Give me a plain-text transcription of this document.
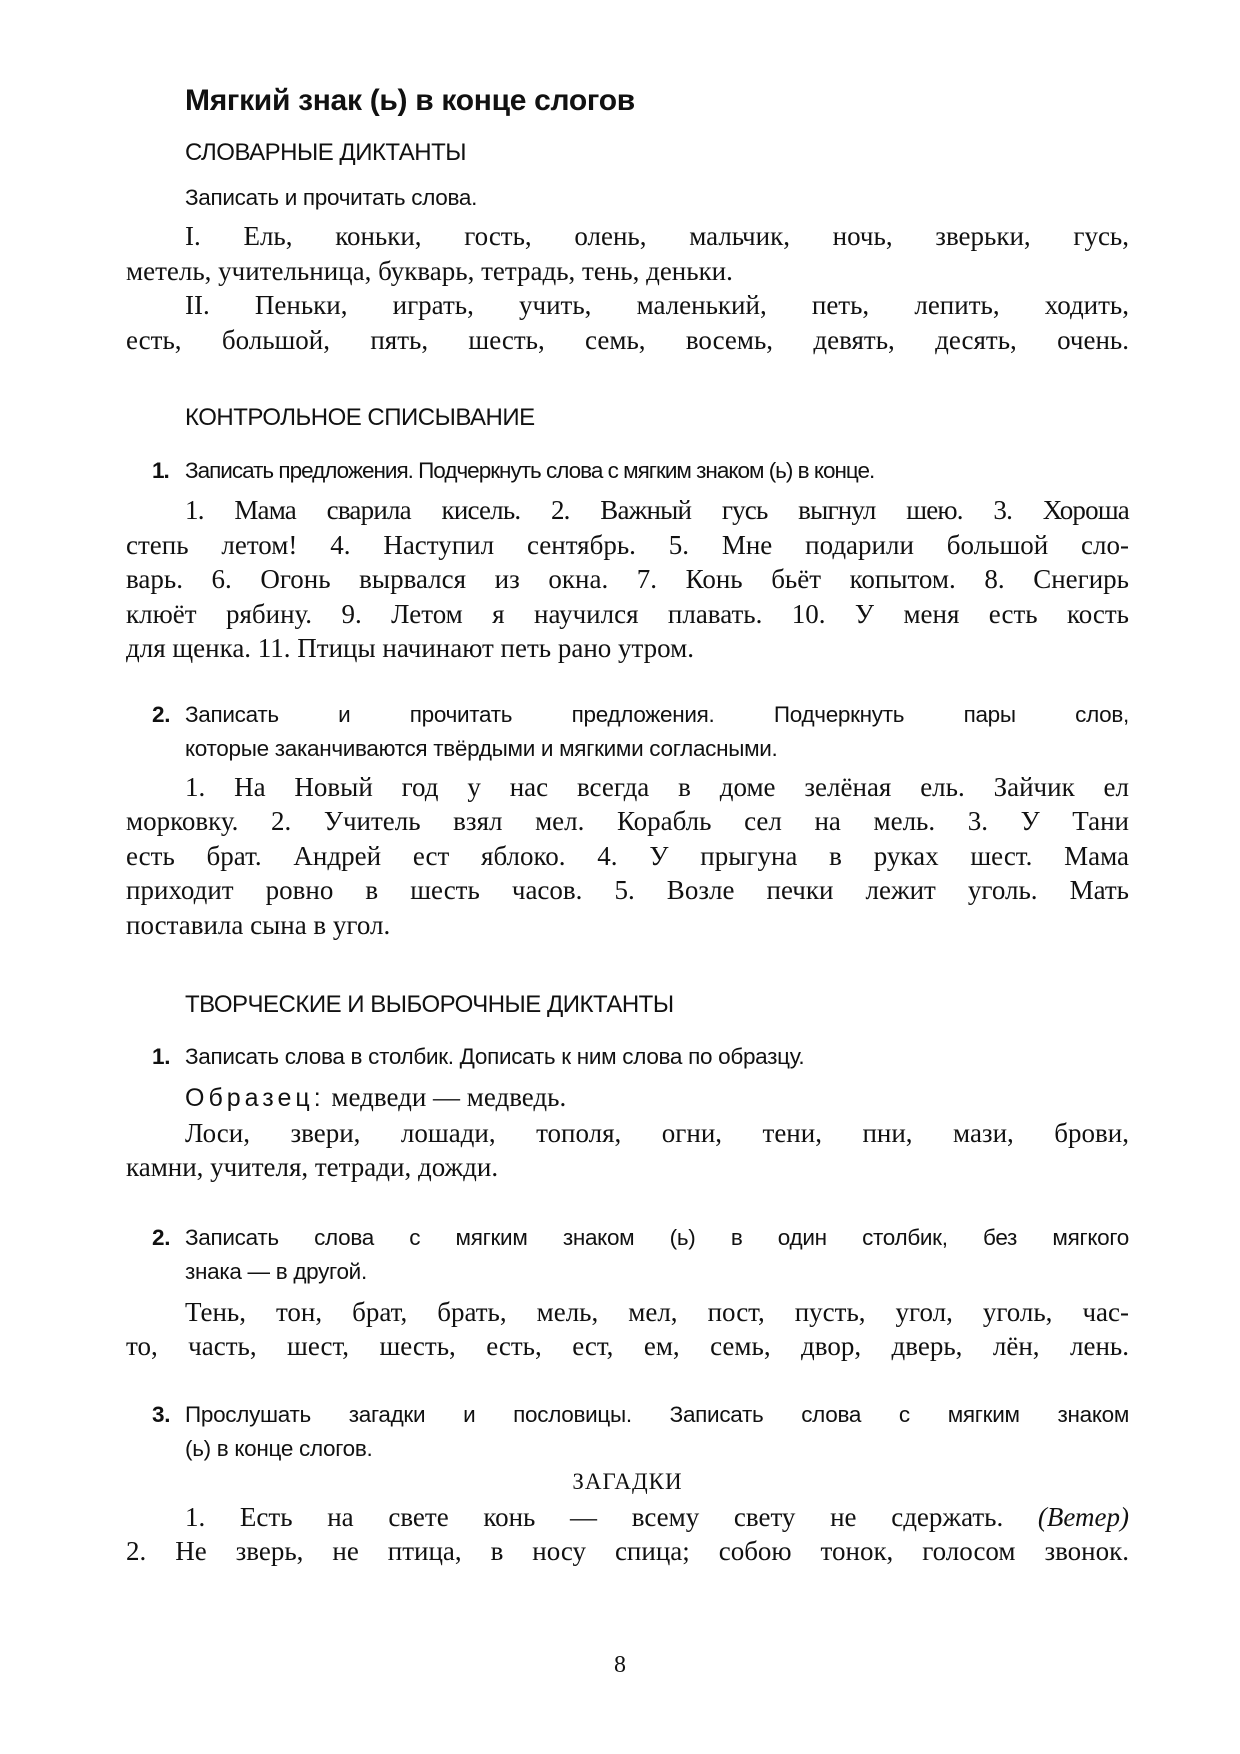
Мягкий знак (ь) в конце слогов
СЛОВАРНЫЕ ДИКТАНТЫ
Записать и прочитать слова.
I. Ель, коньки, гость, олень, мальчик, ночь, зверьки, гусь,
метель, учительница, букварь, тетрадь, тень, деньки.
II. Пеньки, играть, учить, маленький, петь, лепить, ходить,
есть, большой, пять, шесть, семь, восемь, девять, десять, очень.
КОНТРОЛЬНОЕ СПИСЫВАНИЕ
1. Записать предложения. Подчеркнуть слова с мягким знаком (ь) в конце.
1. Мама сварила кисель. 2. Важный гусь выгнул шею. 3. Хороша
степь летом! 4. Наступил сентябрь. 5. Мне подарили большой сло-
варь. 6. Огонь вырвался из окна. 7. Конь бьёт копытом. 8. Снегирь
клюёт рябину. 9. Летом я научился плавать. 10. У меня есть кость
для щенка. 11. Птицы начинают петь рано утром.
2. Записать и прочитать предложения. Подчеркнуть пары слов,
которые заканчиваются твёрдыми и мягкими согласными.
1. На Новый год у нас всегда в доме зелёная ель. Зайчик ел
морковку. 2. Учитель взял мел. Корабль сел на мель. 3. У Тани
есть брат. Андрей ест яблоко. 4. У прыгуна в руках шест. Мама
приходит ровно в шесть часов. 5. Возле печки лежит уголь. Мать
поставила сына в угол.
ТВОРЧЕСКИЕ И ВЫБОРОЧНЫЕ ДИКТАНТЫ
1. Записать слова в столбик. Дописать к ним слова по образцу.
Образец: медведи — медведь.
Лоси, звери, лошади, тополя, огни, тени, пни, мази, брови,
камни, учителя, тетради, дожди.
2. Записать слова с мягким знаком (ь) в один столбик, без мягкого
знака — в другой.
Тень, тон, брат, брать, мель, мел, пост, пусть, угол, уголь, час-
то, часть, шест, шесть, есть, ест, ем, семь, двор, дверь, лён, лень.
3. Прослушать загадки и пословицы. Записать слова с мягким знаком
(ь) в конце слогов.
ЗАГАДКИ
1. Есть на свете конь — всему свету не сдержать. (Ветер)
2. Не зверь, не птица, в носу спица; собою тонок, голосом звонок.
8
